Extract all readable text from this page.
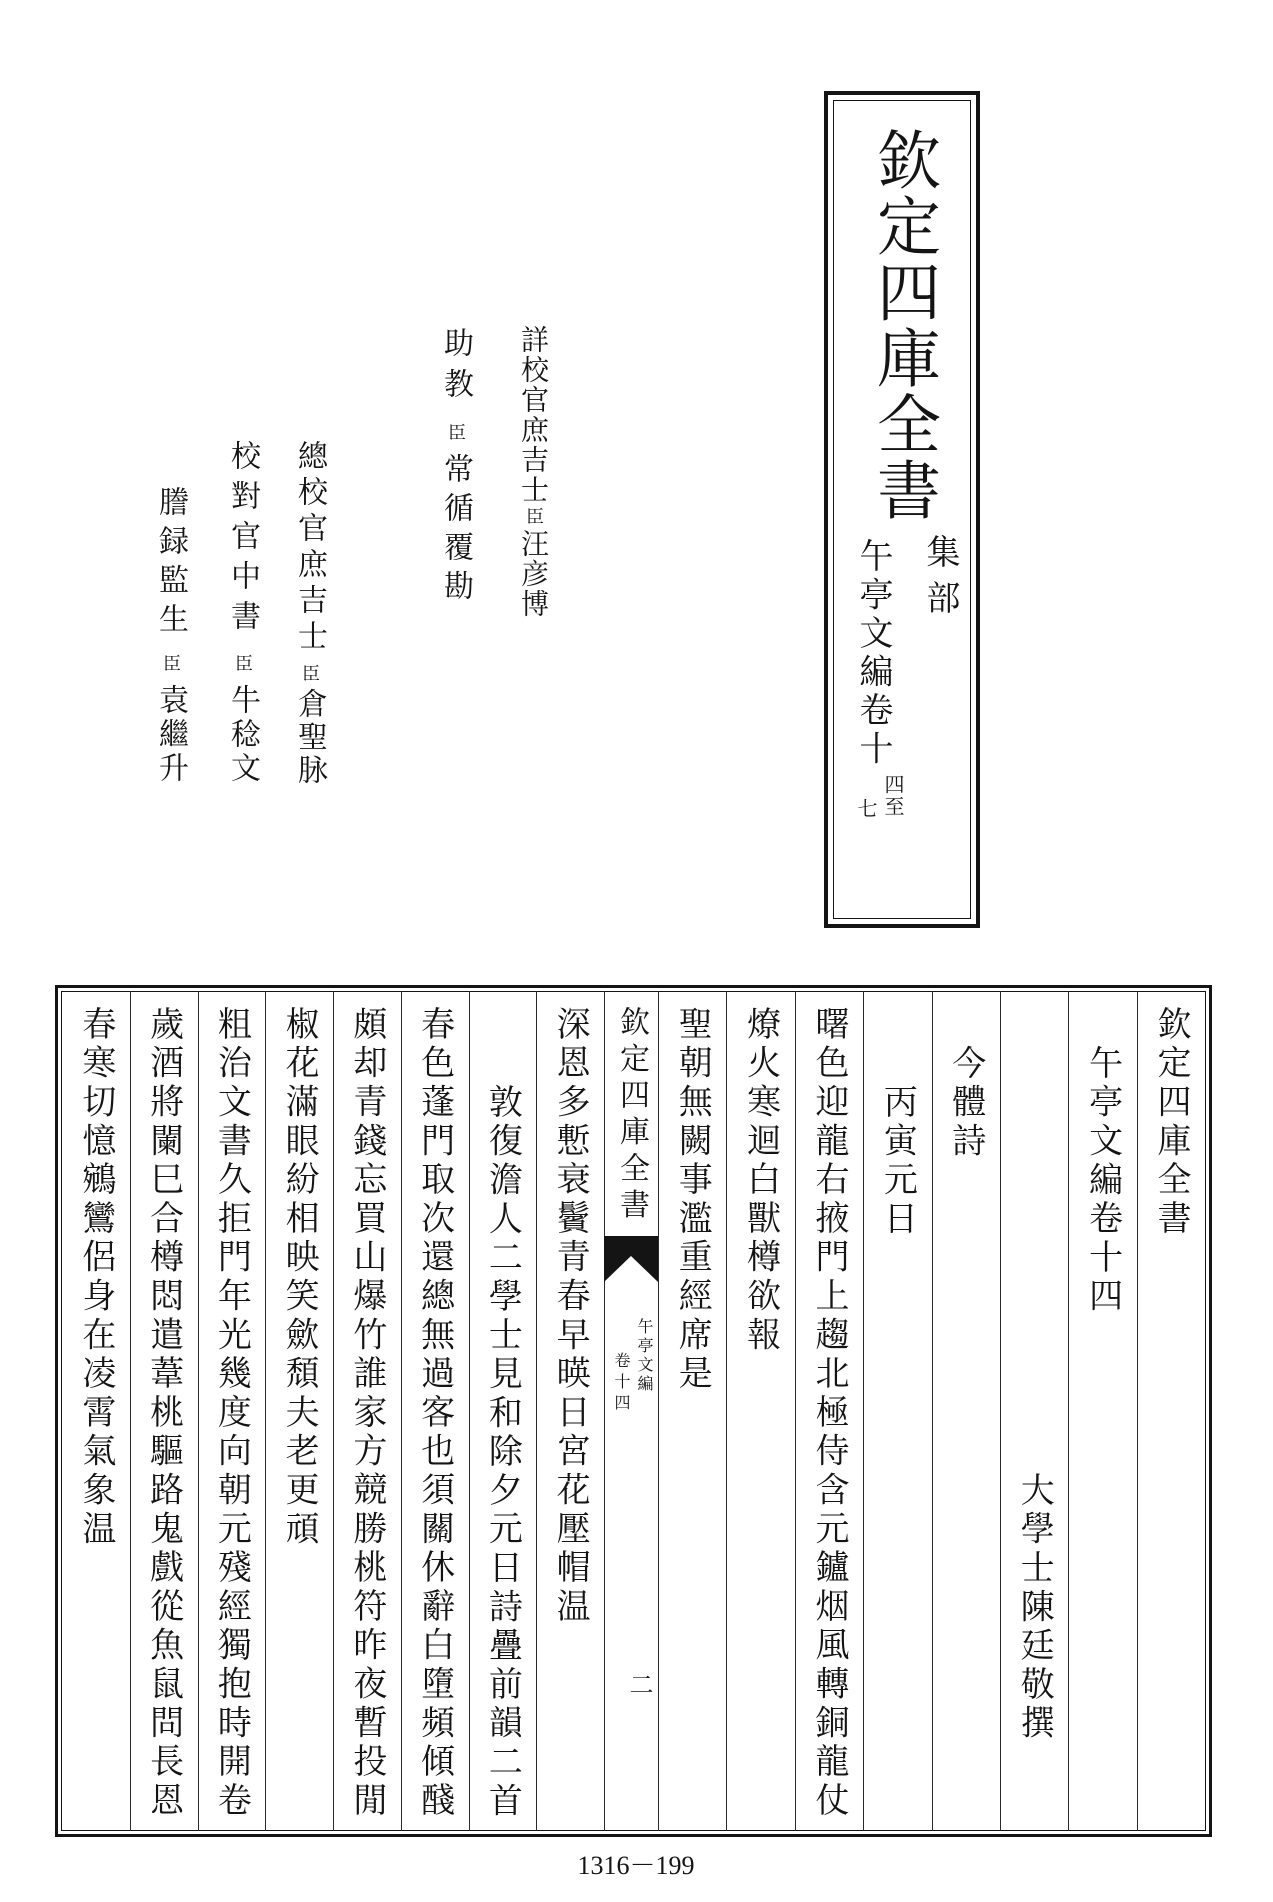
欽定四庫全書
集部
午亭文編卷十
四至
七
詳校官庶吉士臣汪彦博
助教臣常循覆勘
總校官庶吉士臣倉聖脉
校對官中書臣牛稔文
謄録監生臣袁繼升
欽定四庫全書
午亭文編卷十四
大學士陳廷敬撰
今體詩
丙寅元日
曙色迎龍右掖門上趨北極侍含元鑪烟風轉銅龍仗
燎火寒迴白獸樽欲報
聖朝無闕事濫重經席是
欽定四庫全書
午亭文編
卷十四
二
深恩多慙衰鬢青春早暎日宮花壓帽温
敦復澹人二學士見和除夕元日詩疊前韻二首
春色蓬門取次還總無過客也須關休辭白墮頻傾醆
頗却青錢忘買山爆竹誰家方競勝桃符昨夜暫投閒
椒花滿眼紛相映笑歛頹夫老更頑
粗治文書久拒門年光幾度向朝元殘經獨抱時開卷
歲酒將闌巳合樽悶遣葦桃驅路鬼戲從魚鼠問長恩
春寒切憶鵷鸞侶身在凌霄氣象温
1316－199
